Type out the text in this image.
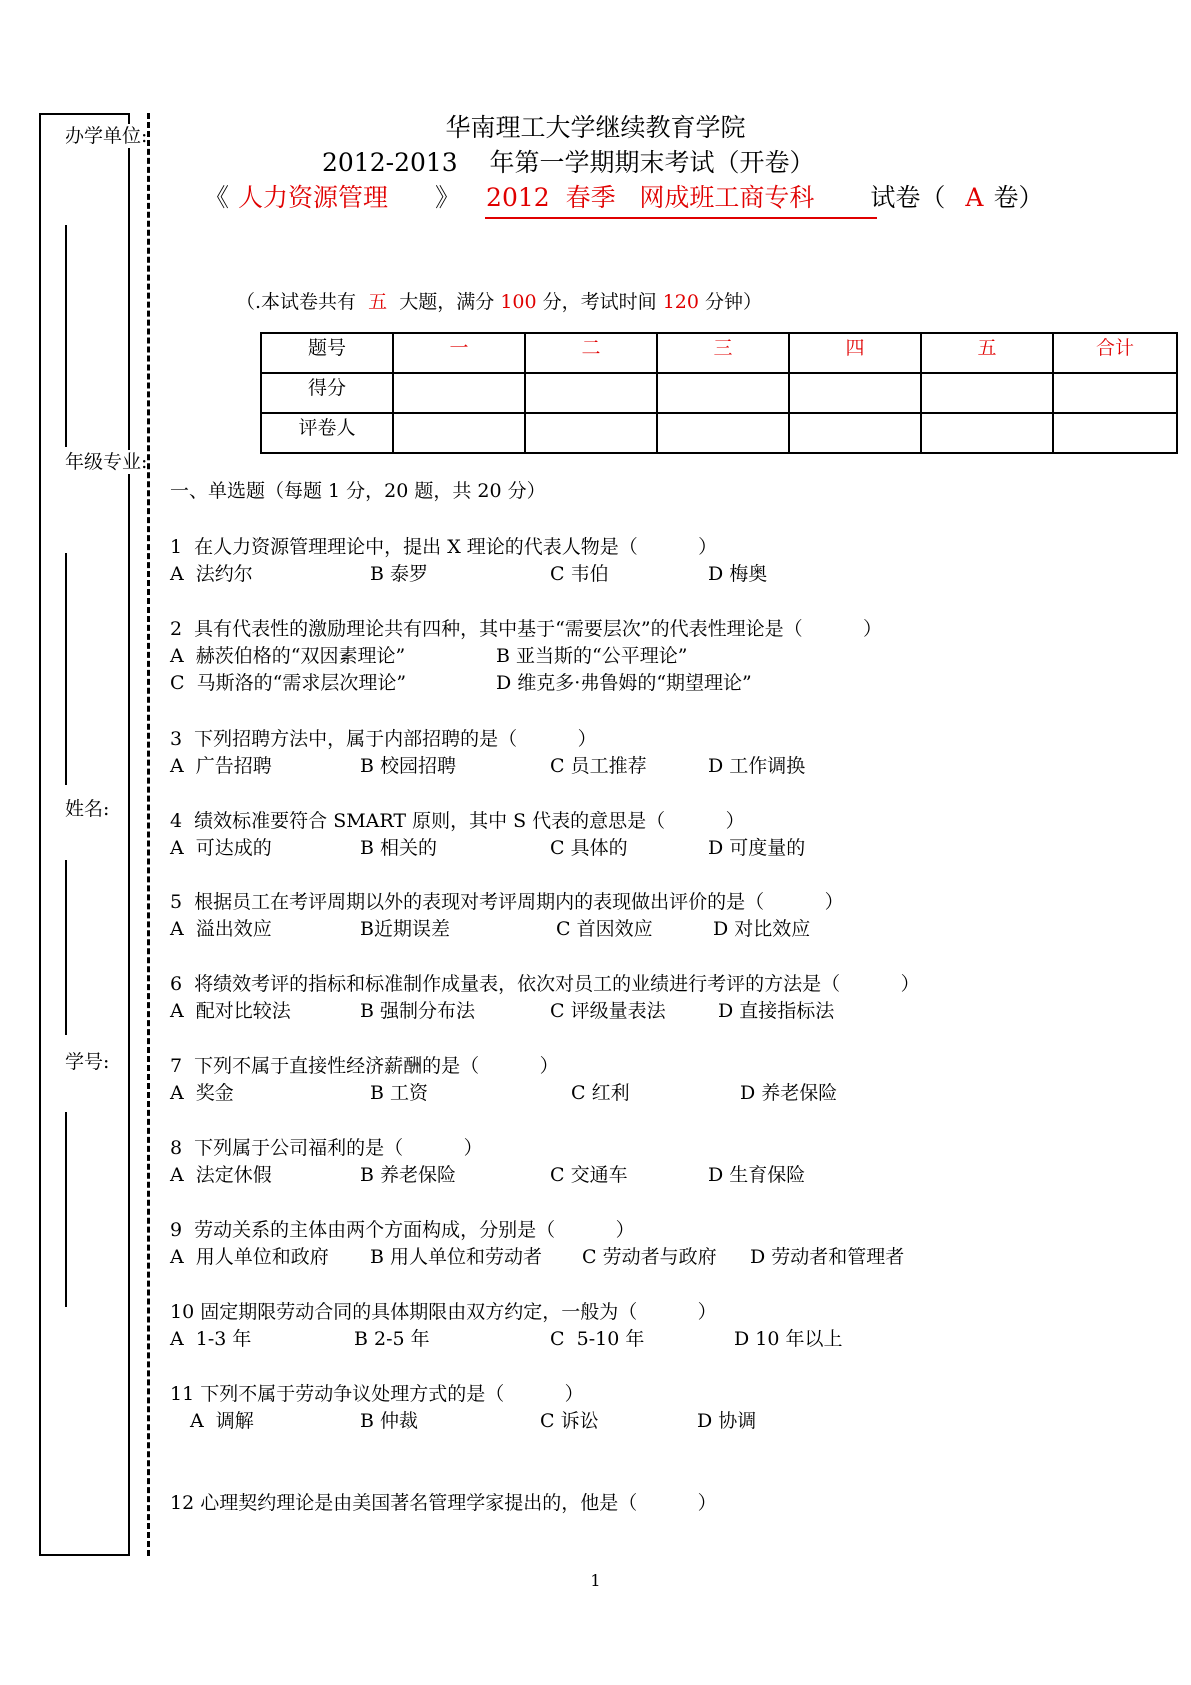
办学单位:
年级专业:
姓名:
学号:
华南理工大学继续教育学院
2012-2013    年第一学期期末考试（开卷）
《 人力资源管理 》 2012  春季   网成班工商专科 试卷（ A 卷）
（.本试卷共有 五 大题，满分 100 分，考试时间 120 分钟）
题号	一	二	三	四	五	合计
得分						
评卷人						
一、单选题（每题 1 分，20 题，共 20 分）
1  在人力资源管理理论中，提出 X 理论的代表人物是（          ）
A  法约尔	B 泰罗	C 韦伯	D 梅奥
2  具有代表性的激励理论共有四种，其中基于“需要层次”的代表性理论是（          ）
A  赫茨伯格的“双因素理论”	B 亚当斯的“公平理论”
C  马斯洛的“需求层次理论”	D 维克多·弗鲁姆的“期望理论”
3  下列招聘方法中，属于内部招聘的是（          ）
A  广告招聘	B 校园招聘	C 员工推荐	D 工作调换
4  绩效标准要符合 SMART 原则，其中 S 代表的意思是（          ）
A  可达成的	B 相关的	C 具体的	D 可度量的
5  根据员工在考评周期以外的表现对考评周期内的表现做出评价的是（          ）
A  溢出效应	B近期误差	C 首因效应	D 对比效应
6  将绩效考评的指标和标准制作成量表，依次对员工的业绩进行考评的方法是（          ）
A  配对比较法	B 强制分布法	C 评级量表法	D 直接指标法
7  下列不属于直接性经济薪酬的是（          ）
A  奖金	B 工资	C 红利	D 养老保险
8  下列属于公司福利的是（          ）
A  法定休假	B 养老保险	C 交通车	D 生育保险
9  劳动关系的主体由两个方面构成，分别是（          ）
A  用人单位和政府 B 用人单位和劳动者 C 劳动者与政府 D 劳动者和管理者
10 固定期限劳动合同的具体期限由双方约定，一般为（          ）
A  1-3 年	B 2-5 年	C  5-10 年	D 10 年以上
11 下列不属于劳动争议处理方式的是（          ）
A  调解	B 仲裁	C 诉讼	D 协调
12 心理契约理论是由美国著名管理学家提出的，他是（          ）
1
